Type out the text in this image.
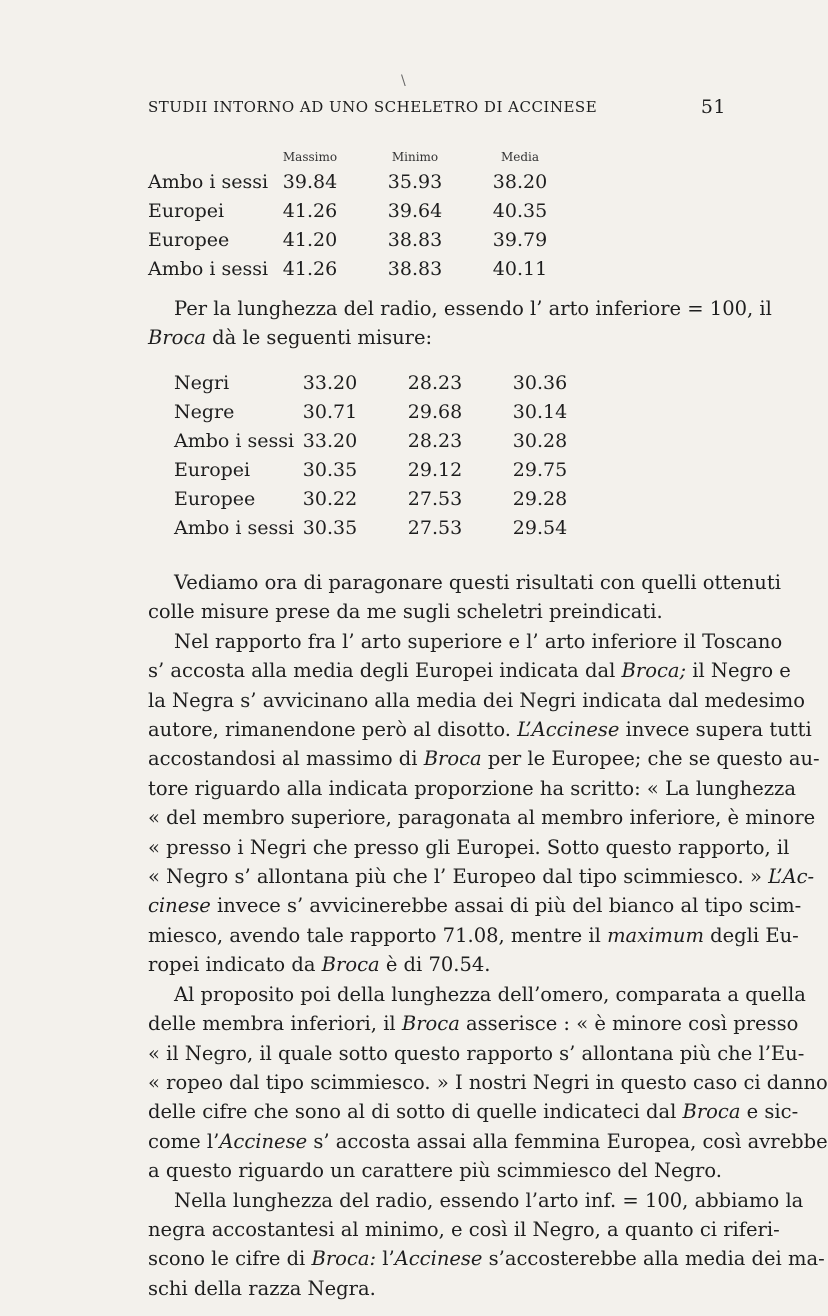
\
STUDII INTORNO AD UNO SCHELETRO DI ACCINESE	51
Massimo	Minimo	Media
Ambo i sessi 39.84	35.93	38.20
Europei	41.26	39.64	40.35
Europee	41.20	38.83	39.79
Ambo i sessi 41.26	38.83	40.11
Per la lunghezza del radio, essendo l’ arto inferiore = 100, il
Broca dà le seguenti misure:
Negri	33.20	28.23	30.36
Negre	30.71	29.68	30.14
Ambo i sessi 33.20	28.23	30.28
Europei	30.35	29.12	29.75
Europee	30.22	27.53	29.28
Ambo i sessi 30.35	27.53	29.54
Vediamo ora di paragonare questi risultati con quelli ottenuti
colle misure prese da me sugli scheletri preindicati.
Nel rapporto fra l’ arto superiore e l’ arto inferiore il Toscano
s’ accosta alla media degli Europei indicata dal Broca; il Negro e
la Negra s’ avvicinano alla media dei Negri indicata dal medesimo
autore, rimanendone però al disotto. L’Accinese invece supera tutti
accostandosi al massimo di Broca per le Europee; che se questo au-
tore riguardo alla indicata proporzione ha scritto: « La lunghezza
« del membro superiore, paragonata al membro inferiore, è minore
« presso i Negri che presso gli Europei. Sotto questo rapporto, il
« Negro s’ allontana più che l’ Europeo dal tipo scimmiesco. » L’Ac-
cinese invece s’ avvicinerebbe assai di più del bianco al tipo scim-
miesco, avendo tale rapporto 71.08, mentre il maximum degli Eu-
ropei indicato da Broca è di 70.54.
Al proposito poi della lunghezza dell’omero, comparata a quella
delle membra inferiori, il Broca asserisce : « è minore così presso
« il Negro, il quale sotto questo rapporto s’ allontana più che l’Eu-
« ropeo dal tipo scimmiesco. » I nostri Negri in questo caso ci danno
delle cifre che sono al di sotto di quelle indicateci dal Broca e sic-
come l’Accinese s’ accosta assai alla femmina Europea, così avrebbe
a questo riguardo un carattere più scimmiesco del Negro.
Nella lunghezza del radio, essendo l’arto inf. = 100, abbiamo la
negra accostantesi al minimo, e così il Negro, a quanto ci riferi-
scono le cifre di Broca: l’Accinese s’accosterebbe alla media dei ma-
schi della razza Negra.
